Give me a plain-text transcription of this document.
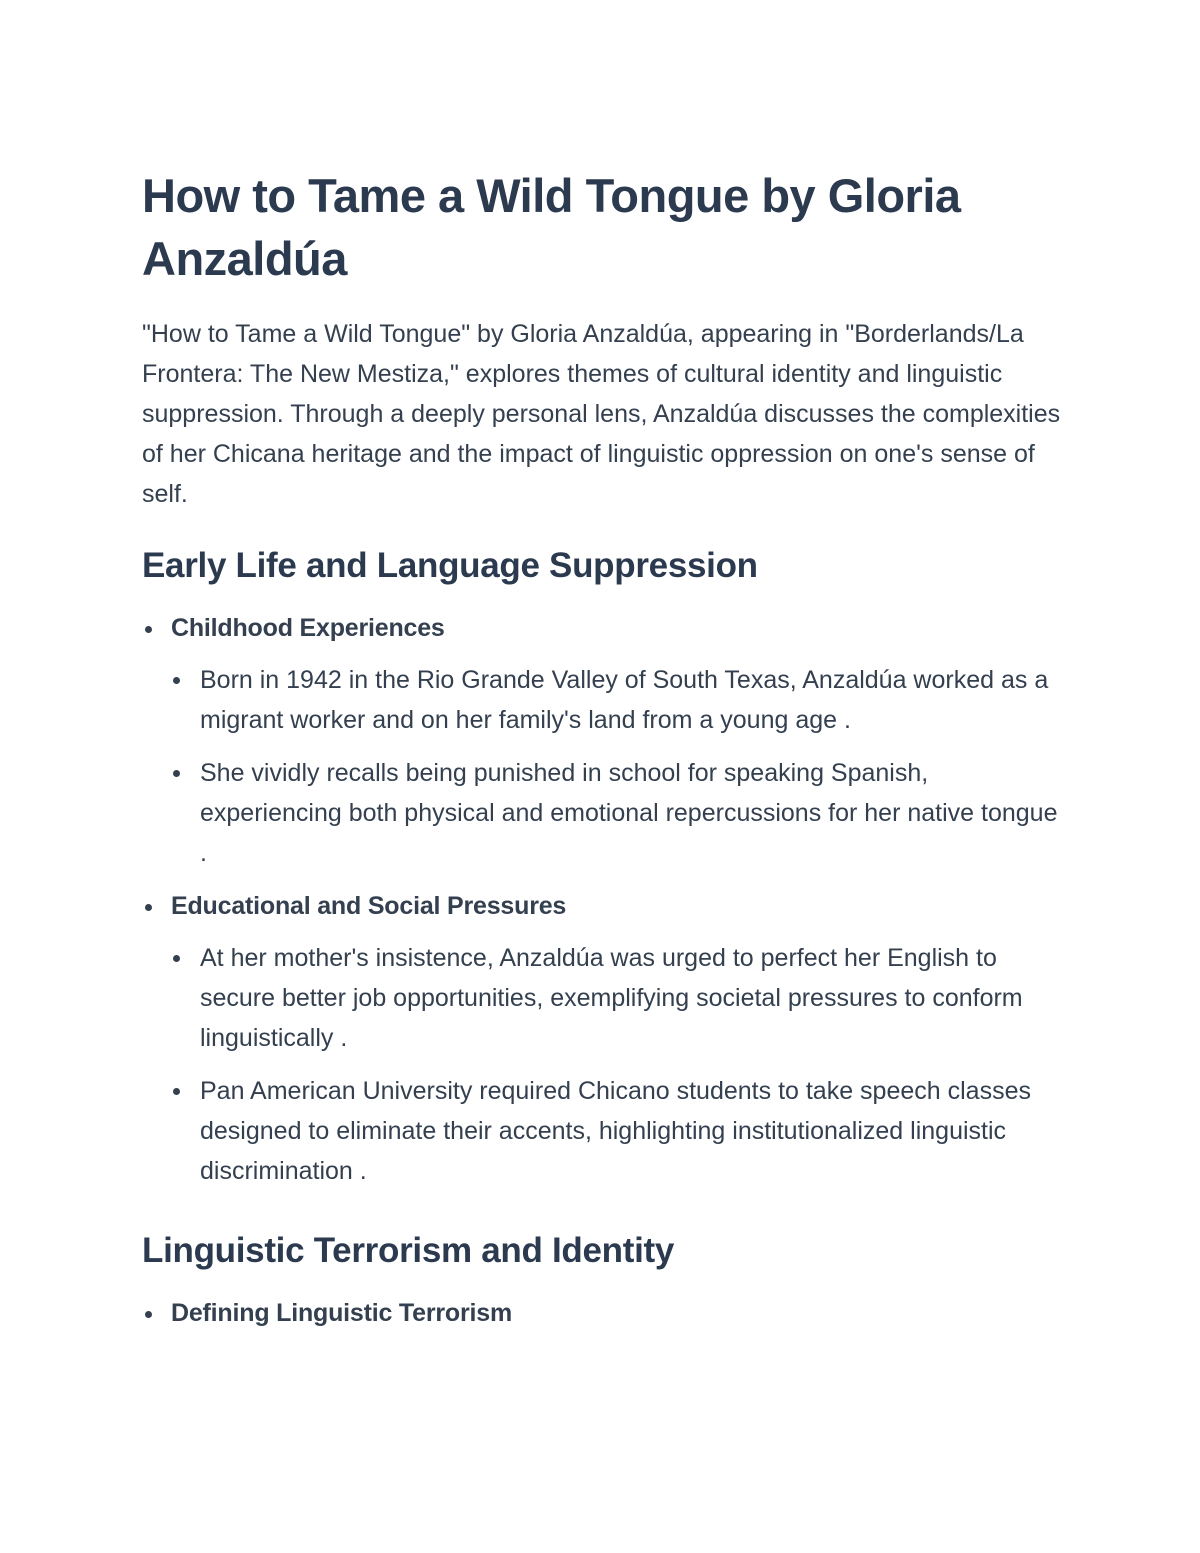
How to Tame a Wild Tongue by Gloria Anzaldúa

"How to Tame a Wild Tongue" by Gloria Anzaldúa, appearing in "Borderlands/La Frontera: The New Mestiza," explores themes of cultural identity and linguistic suppression. Through a deeply personal lens, Anzaldúa discusses the complexities of her Chicana heritage and the impact of linguistic oppression on one's sense of self.

Early Life and Language Suppression
Childhood Experiences
Born in 1942 in the Rio Grande Valley of South Texas, Anzaldúa worked as a migrant worker and on her family's land from a young age .
She vividly recalls being punished in school for speaking Spanish, experiencing both physical and emotional repercussions for her native tongue .
Educational and Social Pressures
At her mother's insistence, Anzaldúa was urged to perfect her English to secure better job opportunities, exemplifying societal pressures to conform linguistically .
Pan American University required Chicano students to take speech classes designed to eliminate their accents, highlighting institutionalized linguistic discrimination .
Linguistic Terrorism and Identity
Defining Linguistic Terrorism
